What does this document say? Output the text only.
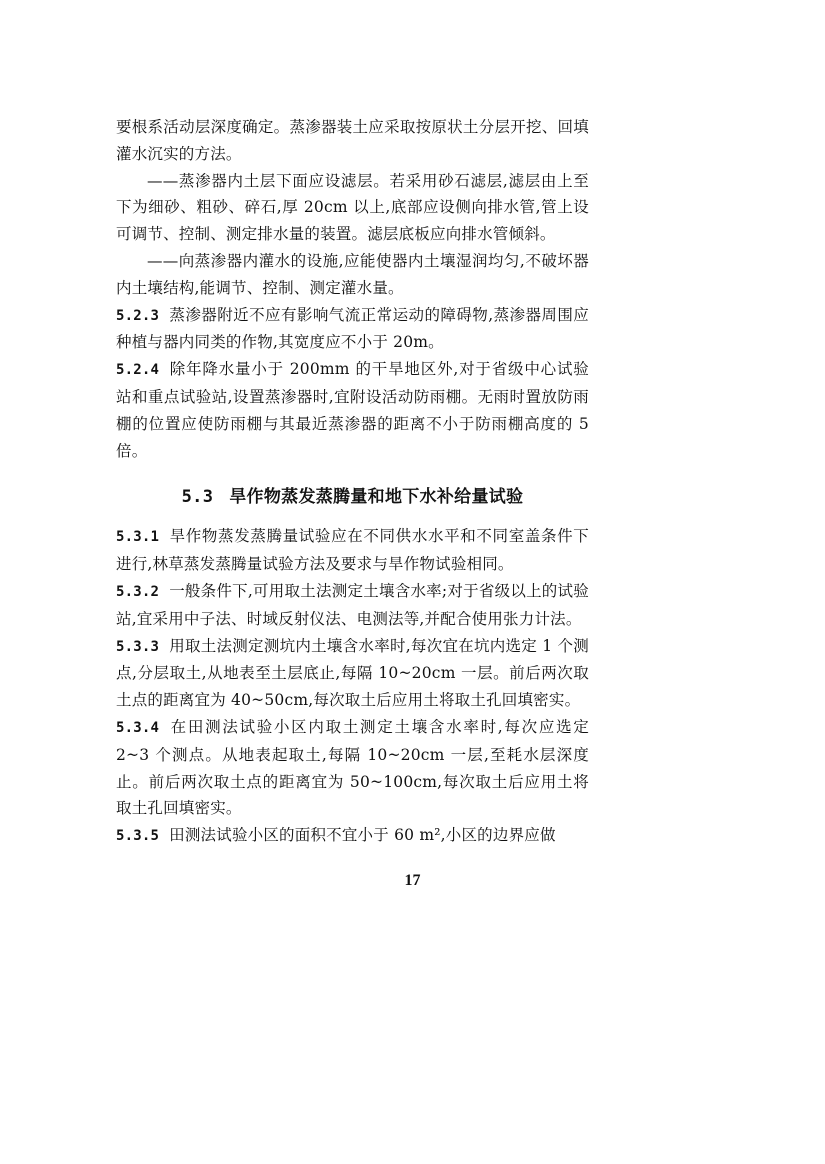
要根系活动层深度确定。蒸渗器装土应采取按原状土分层开挖、回填灌水沉实的方法。

——蒸渗器内土层下面应设滤层。若采用砂石滤层,滤层由上至下为细砂、粗砂、碎石,厚 20cm 以上,底部应设侧向排水管,管上设可调节、控制、测定排水量的装置。滤层底板应向排水管倾斜。

——向蒸渗器内灌水的设施,应能使器内土壤湿润均匀,不破坏器内土壤结构,能调节、控制、测定灌水量。

5.2.3 蒸渗器附近不应有影响气流正常运动的障碍物,蒸渗器周围应种植与器内同类的作物,其宽度应不小于 20m。

5.2.4 除年降水量小于 200mm 的干旱地区外,对于省级中心试验站和重点试验站,设置蒸渗器时,宜附设活动防雨棚。无雨时置放防雨棚的位置应使防雨棚与其最近蒸渗器的距离不小于防雨棚高度的 5 倍。

5.3 旱作物蒸发蒸腾量和地下水补给量试验

5.3.1 旱作物蒸发蒸腾量试验应在不同供水水平和不同室盖条件下进行,林草蒸发蒸腾量试验方法及要求与旱作物试验相同。

5.3.2 一般条件下,可用取土法测定土壤含水率;对于省级以上的试验站,宜采用中子法、时域反射仪法、电测法等,并配合使用张力计法。

5.3.3 用取土法测定测坑内土壤含水率时,每次宜在坑内选定 1 个测点,分层取土,从地表至土层底止,每隔 10~20cm 一层。前后两次取土点的距离宜为 40~50cm,每次取土后应用土将取土孔回填密实。

5.3.4 在田测法试验小区内取土测定土壤含水率时,每次应选定 2~3 个测点。从地表起取土,每隔 10~20cm 一层,至耗水层深度止。前后两次取土点的距离宜为 50~100cm,每次取土后应用土将取土孔回填密实。

5.3.5 田测法试验小区的面积不宜小于 60 m²,小区的边界应做

17
